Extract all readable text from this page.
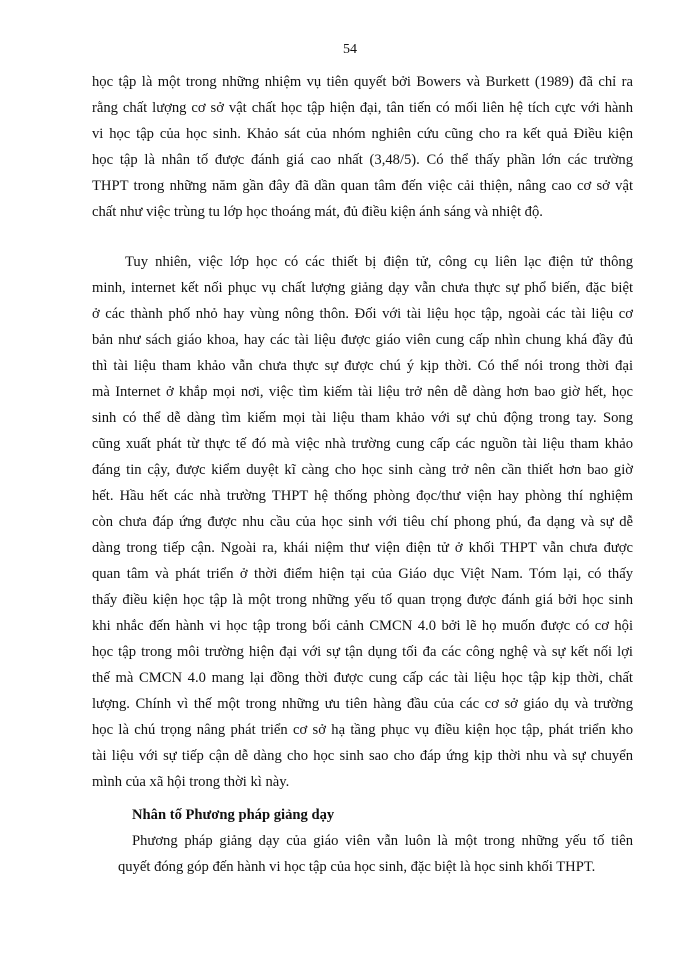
54
học tập là một trong những nhiệm vụ tiên quyết bởi Bowers và Burkett (1989) đã chỉ ra
rằng chất lượng cơ sở vật chất học tập hiện đại, tân tiến có mối liên hệ tích cực với hành
vi học tập của học sinh. Khảo sát của nhóm nghiên cứu cũng cho ra kết quả Điều kiện
học tập là nhân tố được đánh giá cao nhất (3,48/5). Có thể thấy phần lớn các trường
THPT trong những năm gần đây đã dần quan tâm đến việc cải thiện, nâng cao cơ sở vật
chất như việc trùng tu lớp học thoáng mát, đủ điều kiện ánh sáng và nhiệt độ.
Tuy nhiên, việc lớp học có các thiết bị điện tử, công cụ liên lạc điện tử thông
minh, internet kết nối phục vụ chất lượng giảng dạy vẫn chưa thực sự phổ biến, đặc biệt
ở các thành phố nhỏ hay vùng nông thôn. Đối với tài liệu học tập, ngoài các tài liệu cơ
bản như sách giáo khoa, hay các tài liệu được giáo viên cung cấp nhìn chung khá đầy đủ
thì tài liệu tham khảo vẫn chưa thực sự được chú ý kịp thời. Có thể nói trong thời đại
mà Internet ở khắp mọi nơi, việc tìm kiếm tài liệu trở nên dễ dàng hơn bao giờ hết, học
sinh có thể dễ dàng tìm kiếm mọi tài liệu tham khảo với sự chủ động trong tay. Song
cũng xuất phát từ thực tế đó mà việc nhà trường cung cấp các nguồn tài liệu tham khảo
đáng tin cậy, được kiểm duyệt kĩ càng cho học sinh càng trở nên cần thiết hơn bao giờ
hết. Hầu hết các nhà trường THPT hệ thống phòng đọc/thư viện hay phòng thí nghiệm
còn chưa đáp ứng được nhu cầu của học sinh với tiêu chí phong phú, đa dạng và sự dễ
dàng trong tiếp cận. Ngoài ra, khái niệm thư viện điện tử ở khối THPT vẫn chưa được
quan tâm và phát triển ở thời điểm hiện tại của Giáo dục Việt Nam. Tóm lại, có thấy
thấy điều kiện học tập là một trong những yếu tố quan trọng được đánh giá bởi học sinh
khi nhắc đến hành vi học tập trong bối cảnh CMCN 4.0 bởi lẽ họ muốn được có cơ hội
học tập trong môi trường hiện đại với sự tận dụng tối đa các công nghệ và sự kết nối lợi
thế mà CMCN 4.0 mang lại đồng thời được cung cấp các tài liệu học tập kịp thời, chất
lượng. Chính vì thế một trong những ưu tiên hàng đầu của các cơ sở giáo dụ và trường
học là chú trọng nâng phát triển cơ sở hạ tầng phục vụ điều kiện học tập, phát triển kho
tài liệu với sự tiếp cận dễ dàng cho học sinh sao cho đáp ứng kịp thời nhu và sự chuyển
mình của xã hội trong thời kì này.
Nhân tố Phương pháp giảng dạy
Phương pháp giảng dạy của giáo viên vẫn luôn là một trong những yếu tố tiên
quyết đóng góp đến hành vi học tập của học sinh, đặc biệt là học sinh khối THPT.
